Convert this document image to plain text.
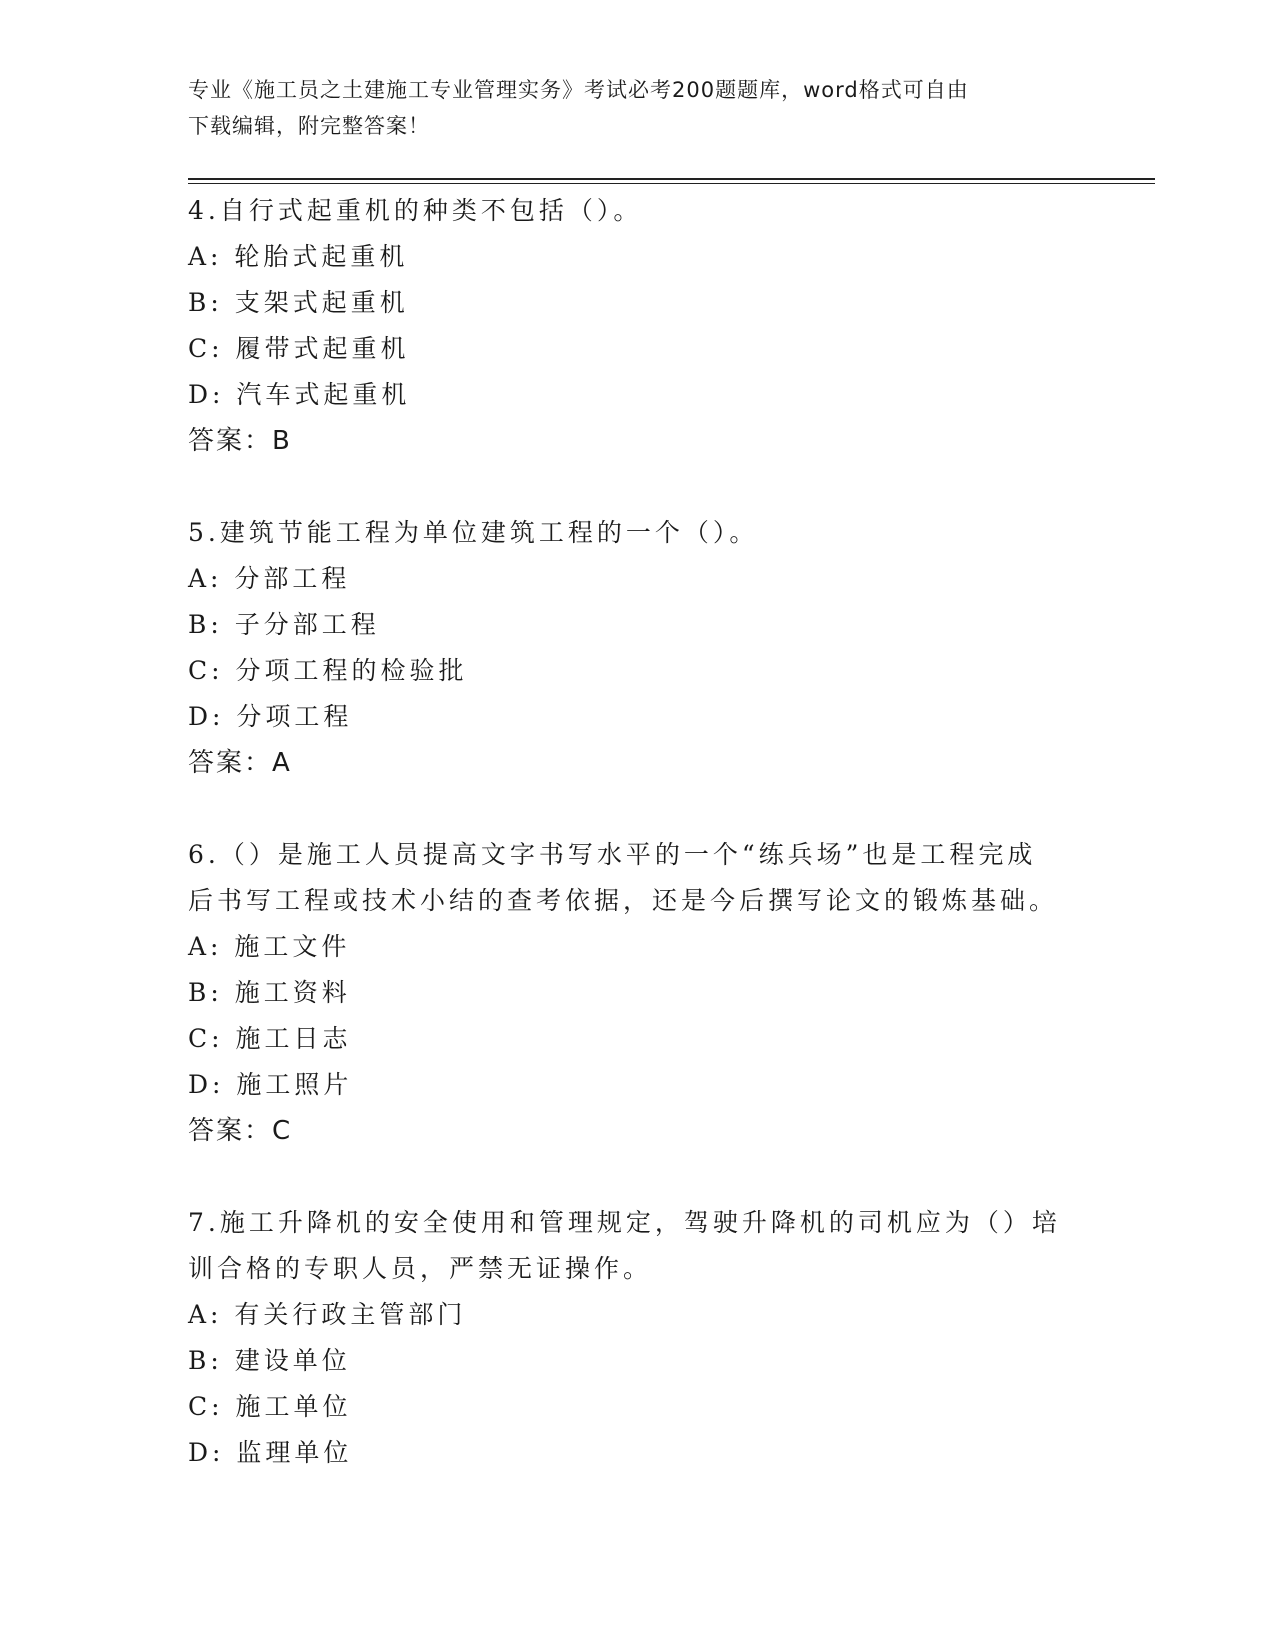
专业《施工员之土建施工专业管理实务》考试必考200题题库，word格式可自由
下载编辑，附完整答案！
4.自行式起重机的种类不包括（）。
A: 轮胎式起重机
B: 支架式起重机
C: 履带式起重机
D: 汽车式起重机
答案：B
5.建筑节能工程为单位建筑工程的一个（）。
A: 分部工程
B: 子分部工程
C: 分项工程的检验批
D: 分项工程
答案：A
6.（）是施工人员提高文字书写水平的一个“练兵场”也是工程完成
后书写工程或技术小结的查考依据，还是今后撰写论文的锻炼基础。
A: 施工文件
B: 施工资料
C: 施工日志
D: 施工照片
答案：C
7.施工升降机的安全使用和管理规定，驾驶升降机的司机应为（）培
训合格的专职人员，严禁无证操作。
A: 有关行政主管部门
B: 建设单位
C: 施工单位
D: 监理单位
